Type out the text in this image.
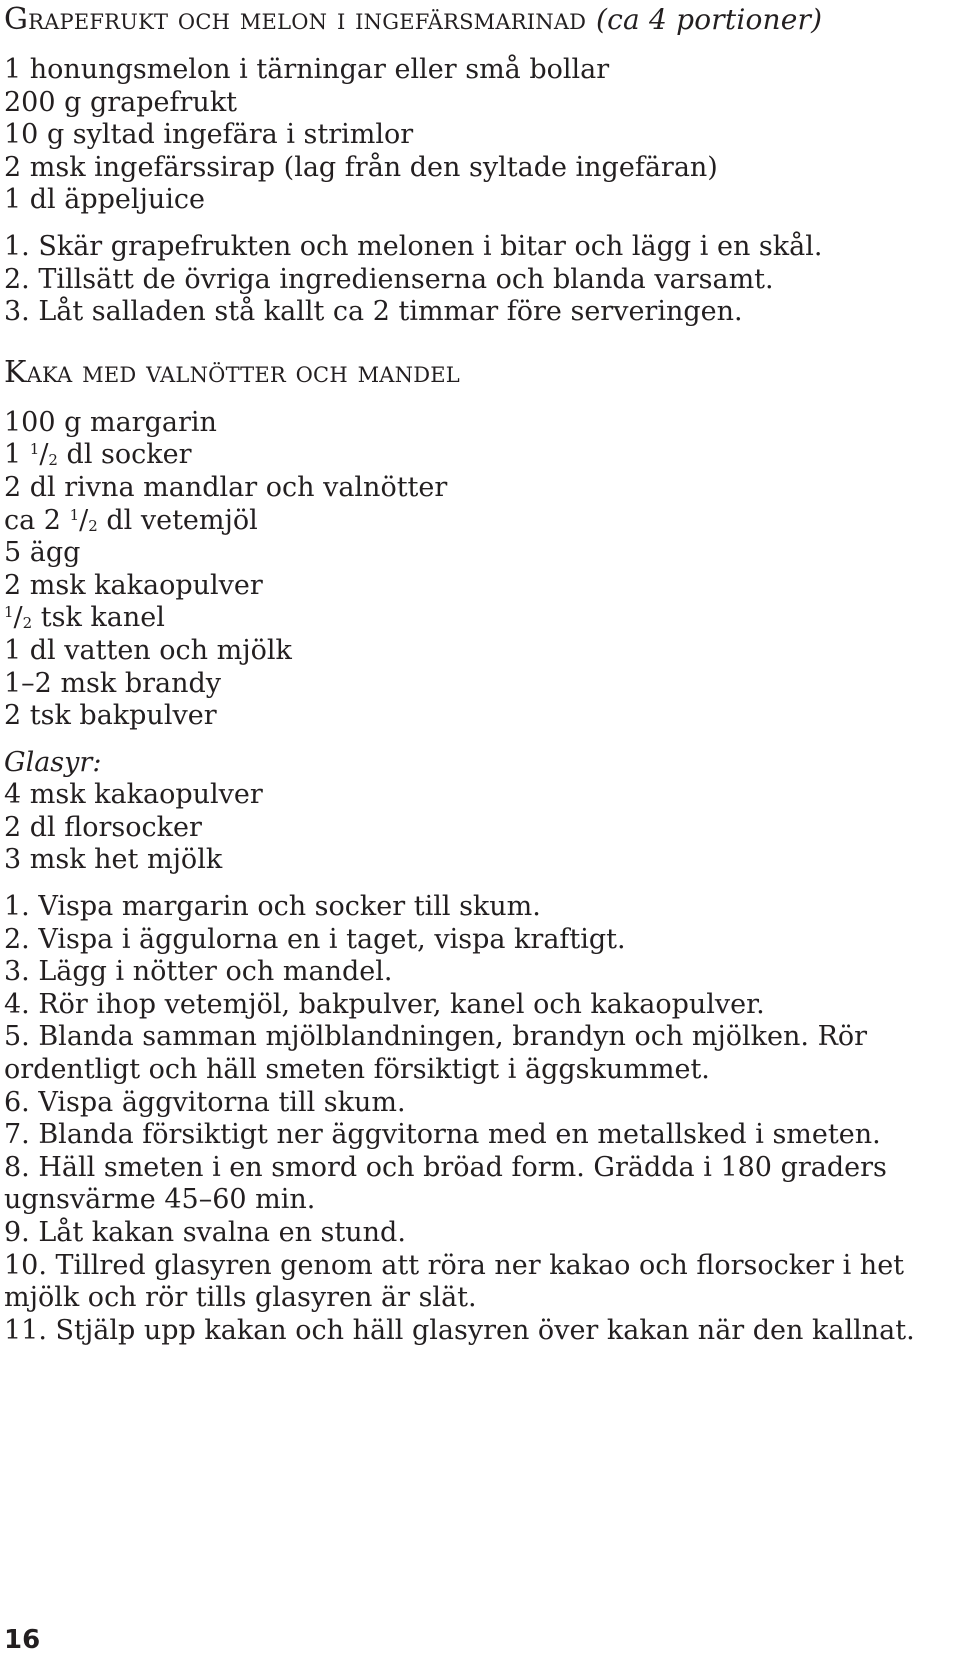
Grapefrukt och melon i ingefärsmarinad (ca 4 portioner)
1 honungsmelon i tärningar eller små bollar
200 g grapefrukt
10 g syltad ingefära i strimlor
2 msk ingefärssirap (lag från den syltade ingefäran)
1 dl äppeljuice
1. Skär grapefrukten och melonen i bitar och lägg i en skål.
2. Tillsätt de övriga ingredienserna och blanda varsamt.
3. Låt salladen stå kallt ca 2 timmar före serveringen.
Kaka med valnötter och mandel
100 g margarin
1 $^1/_2$ dl socker
2 dl rivna mandlar och valnötter
ca 2 $^1/_2$ dl vetemjöl
5 ägg
2 msk kakaopulver
$^1/_2$ tsk kanel
1 dl vatten och mjölk
1–2 msk brandy
2 tsk bakpulver
Glasyr:
4 msk kakaopulver
2 dl florsocker
3 msk het mjölk
1. Vispa margarin och socker till skum.
2. Vispa i äggulorna en i taget, vispa kraftigt.
3. Lägg i nötter och mandel.
4. Rör ihop vetemjöl, bakpulver, kanel och kakaopulver.
5. Blanda samman mjölblandningen, brandyn och mjölken. Rör
ordentligt och häll smeten försiktigt i äggskummet.
6. Vispa äggvitorna till skum.
7. Blanda försiktigt ner äggvitorna med en metallsked i smeten.
8. Häll smeten i en smord och bröad form. Grädda i 180 graders
ugnsvärme 45–60 min.
9. Låt kakan svalna en stund.
10. Tillred glasyren genom att röra ner kakao och florsocker i het
mjölk och rör tills glasyren är slät.
11. Stjälp upp kakan och häll glasyren över kakan när den kallnat.
16
